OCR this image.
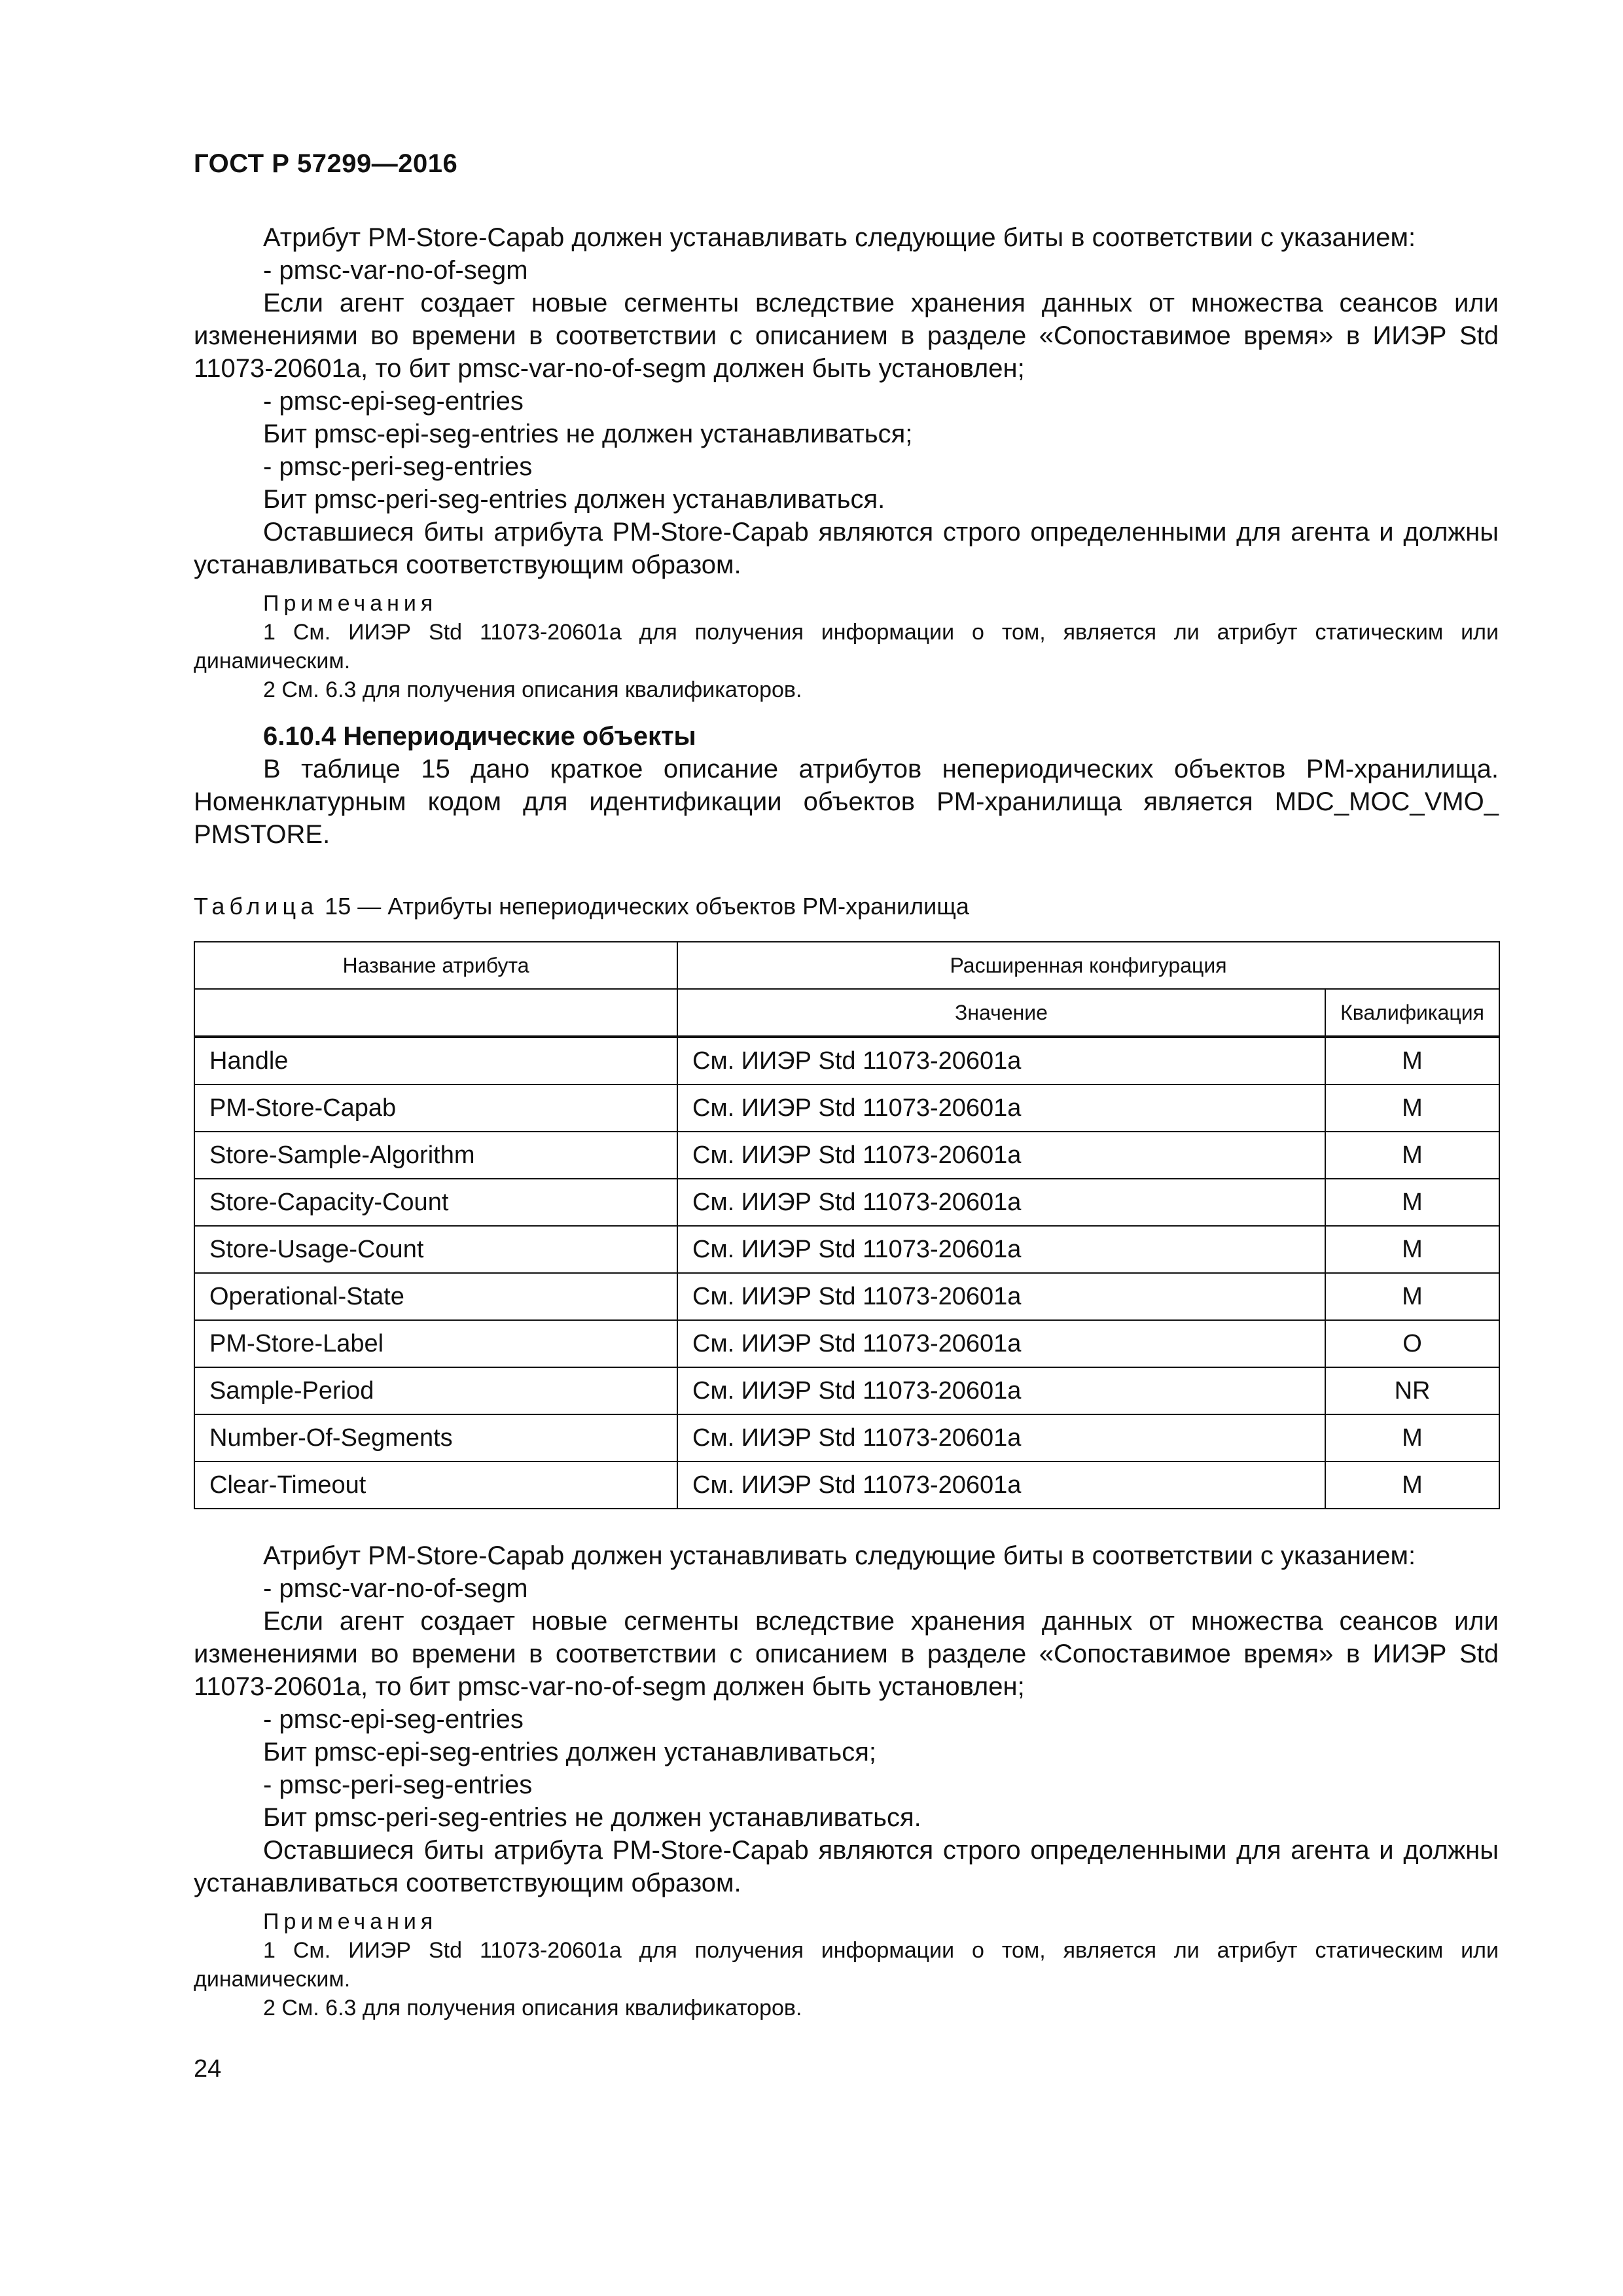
ГОСТ Р 57299—2016

Атрибут PM-Store-Capab должен устанавливать следующие биты в соответствии с указанием:

- pmsc-var-no-of-segm

Если агент создает новые сегменты вследствие хранения данных от множества сеансов или изменениями во времени в соответствии с описанием в разделе «Сопоставимое время» в ИИЭР Std 11073-20601a, то бит pmsc-var-no-of-segm должен быть установлен;

- pmsc-epi-seg-entries

Бит pmsc-epi-seg-entries не должен устанавливаться;

- pmsc-peri-seg-entries

Бит pmsc-peri-seg-entries должен устанавливаться.

Оставшиеся биты атрибута PM-Store-Capab являются строго определенными для агента и должны устанавливаться соответствующим образом.

Примечания

1 См. ИИЭР Std 11073-20601a для получения информации о том, является ли атрибут статическим или динамическим.

2 См. 6.3 для получения описания квалификаторов.

6.10.4 Непериодические объекты

В таблице 15 дано краткое описание атрибутов непериодических объектов PM-хранилища. Номенклатурным кодом для идентификации объектов PM-хранилища является MDC_MOC_VMO_ PMSTORE.

Таблица 15 — Атрибуты непериодических объектов PM-хранилища
Название атрибута	Расширенная конфигурация	
	Значение	Квалификация
Handle	См. ИИЭР Std 11073-20601a	M
PM-Store-Capab	См. ИИЭР Std 11073-20601a	M
Store-Sample-Algorithm	См. ИИЭР Std 11073-20601a	M
Store-Capacity-Count	См. ИИЭР Std 11073-20601a	M
Store-Usage-Count	См. ИИЭР Std 11073-20601a	M
Operational-State	См. ИИЭР Std 11073-20601a	M
PM-Store-Label	См. ИИЭР Std 11073-20601a	O
Sample-Period	См. ИИЭР Std 11073-20601a	NR
Number-Of-Segments	См. ИИЭР Std 11073-20601a	M
Clear-Timeout	См. ИИЭР Std 11073-20601a	M

Атрибут PM-Store-Capab должен устанавливать следующие биты в соответствии с указанием:

- pmsc-var-no-of-segm

Если агент создает новые сегменты вследствие хранения данных от множества сеансов или изменениями во времени в соответствии с описанием в разделе «Сопоставимое время» в ИИЭР Std 11073-20601a, то бит pmsc-var-no-of-segm должен быть установлен;

- pmsc-epi-seg-entries

Бит pmsc-epi-seg-entries должен устанавливаться;

- pmsc-peri-seg-entries

Бит pmsc-peri-seg-entries не должен устанавливаться.

Оставшиеся биты атрибута PM-Store-Capab являются строго определенными для агента и должны устанавливаться соответствующим образом.

Примечания

1 См. ИИЭР Std 11073-20601a для получения информации о том, является ли атрибут статическим или динамическим.

2 См. 6.3 для получения описания квалификаторов.

24
